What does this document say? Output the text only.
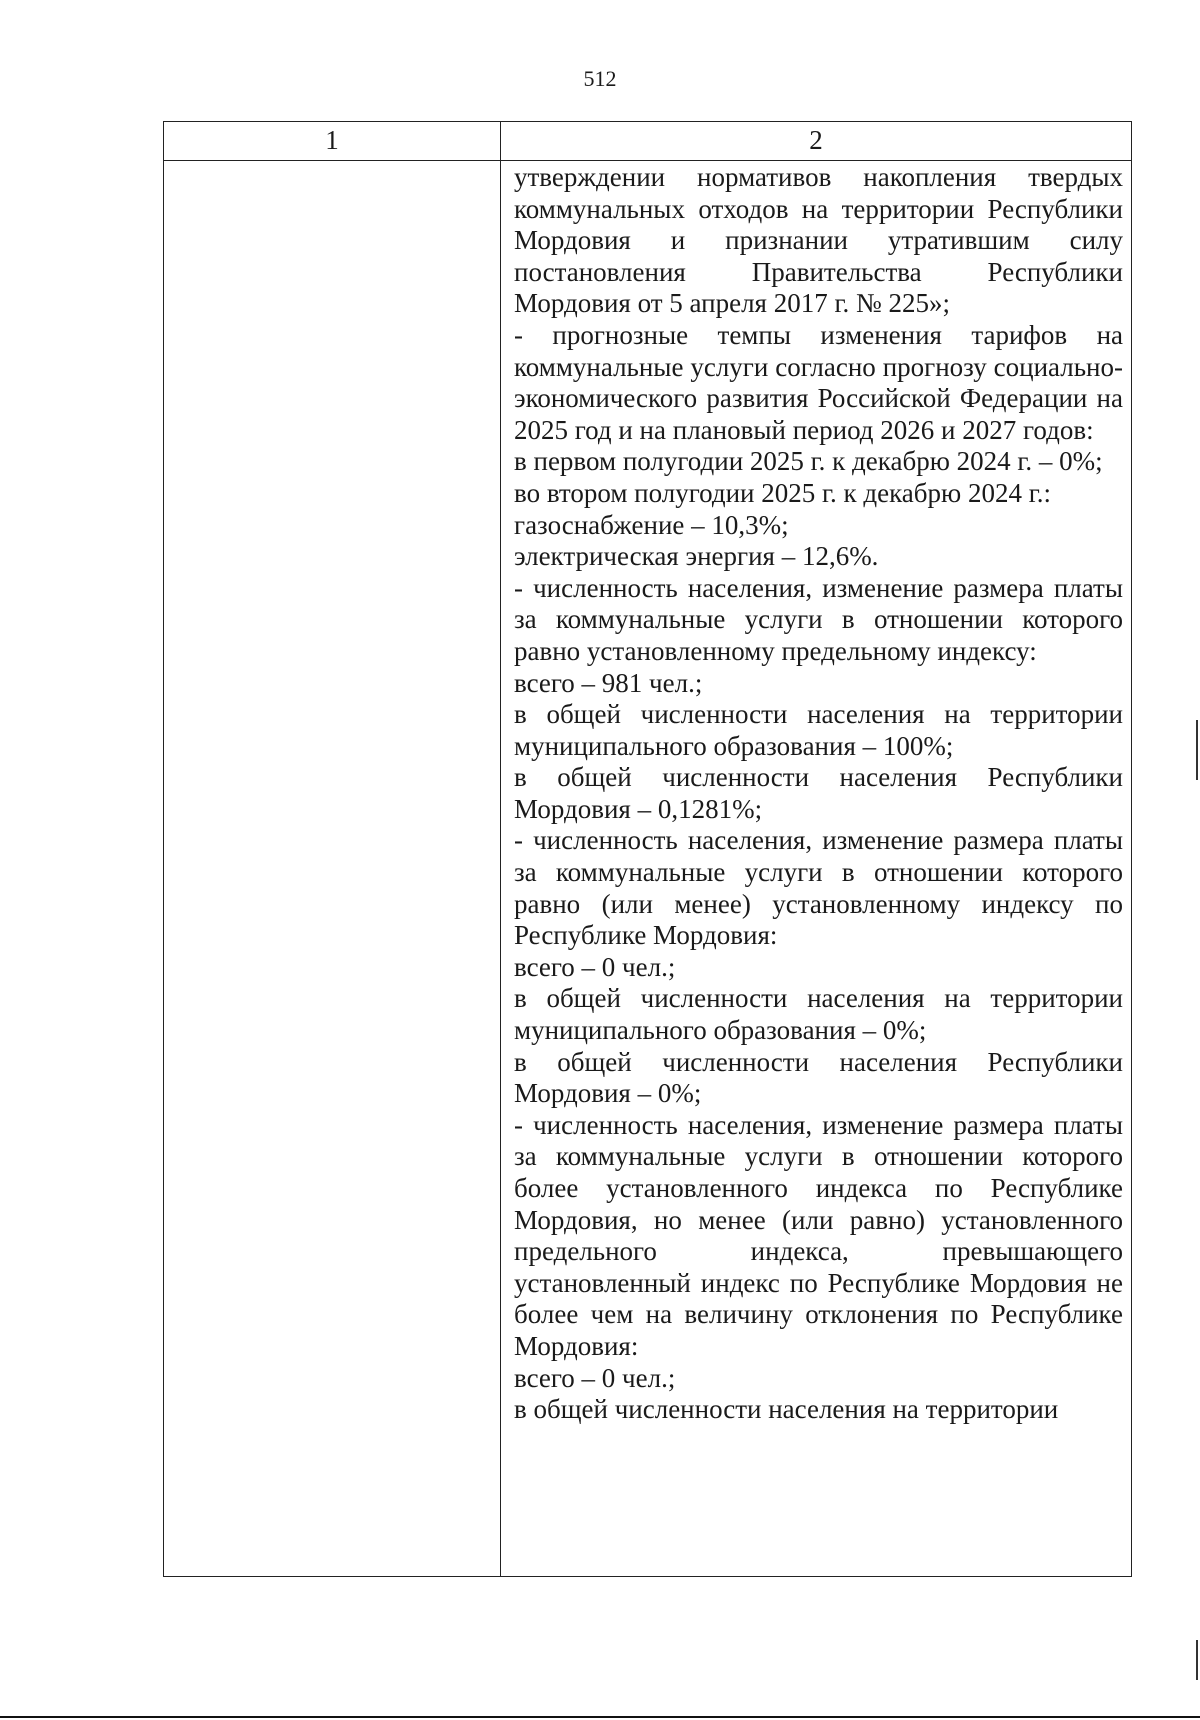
512
1	2

утверждении нормативов накопления твердых коммунальных отходов на территории Республики Мордовия и признании утратившим силу постановления Правительства Республики Мордовия от 5 апреля 2017 г. № 225»;

- прогнозные темпы изменения тарифов на коммунальные услуги согласно прогнозу социально-экономического развития Российской Федерации на 2025 год и на плановый период 2026 и 2027 годов:

в первом полугодии 2025 г. к декабрю 2024 г. – 0%;

во втором полугодии 2025 г. к декабрю 2024 г.:

газоснабжение – 10,3%;

электрическая энергия – 12,6%.

- численность населения, изменение размера платы за коммунальные услуги в отношении которого равно установленному предельному индексу:

всего – 981 чел.;

в общей численности населения на территории муниципального образования – 100%;

в общей численности населения Республики Мордовия – 0,1281%;

- численность населения, изменение размера платы за коммунальные услуги в отношении которого равно (или менее) установленному индексу по Республике Мордовия:

всего – 0 чел.;

в общей численности населения на территории муниципального образования – 0%;

в общей численности населения Республики Мордовия – 0%;

- численность населения, изменение размера платы за коммунальные услуги в отношении которого более установленного индекса по Республике Мордовия, но менее (или равно) установленного предельного индекса, превышающего установленный индекс по Республике Мордовия не более чем на величину отклонения по Республике Мордовия:

всего – 0 чел.;

в общей численности населения на территории
